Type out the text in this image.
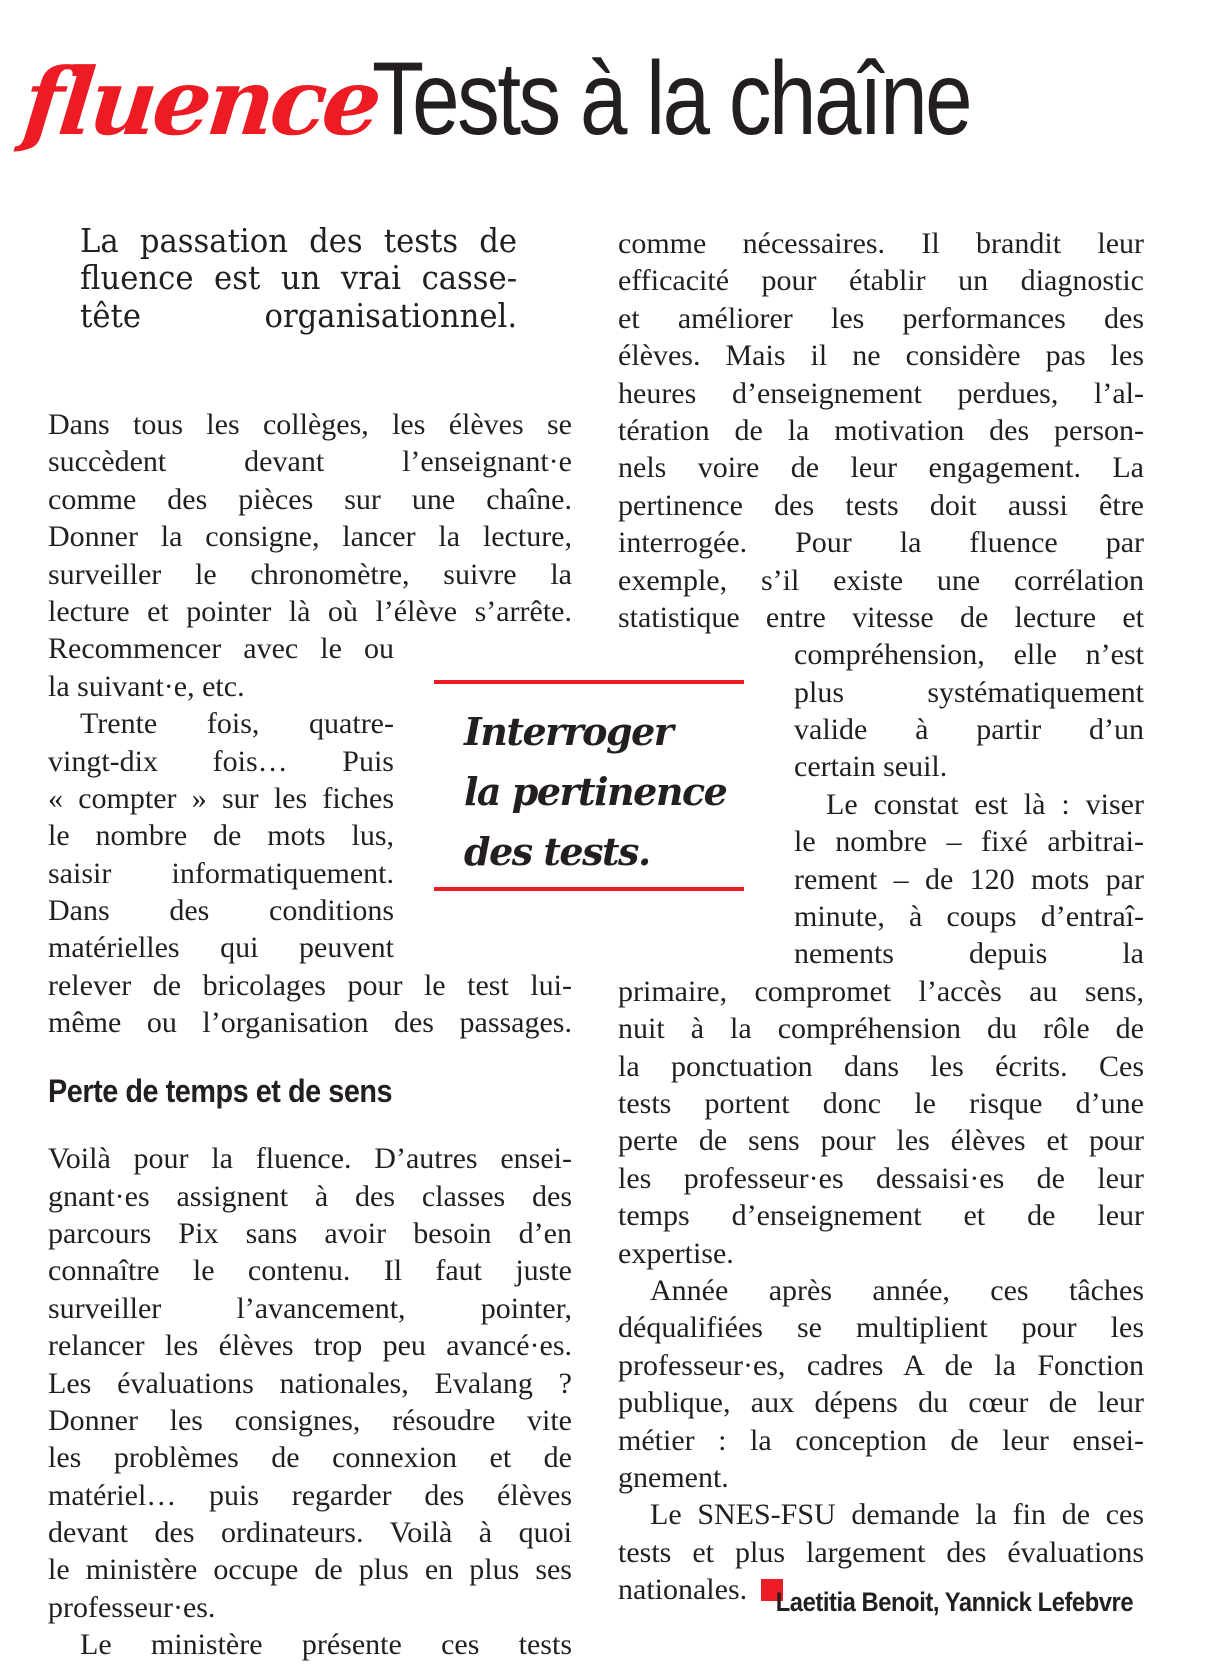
fluence
Tests à la chaîne
La passation des tests de
fluence est un vrai casse-
tête organisationnel.
Dans tous les collèges, les élèves se
succèdent devant l’enseignant·e
comme des pièces sur une chaîne.
Donner la consigne, lancer la lecture,
surveiller le chronomètre, suivre la
lecture et pointer là où l’élève s’arrête.
Recommencer avec le ou
la suivant·e, etc.
Trente fois, quatre-
vingt-dix fois… Puis
« compter » sur les fiches
le nombre de mots lus,
saisir informatiquement.
Dans des conditions
matérielles qui peuvent
relever de bricolages pour le test lui-
même ou l’organisation des passages.
Perte de temps et de sens
Voilà pour la fluence. D’autres ensei-
gnant·es assignent à des classes des
parcours Pix sans avoir besoin d’en
connaître le contenu. Il faut juste
surveiller l’avancement, pointer,
relancer les élèves trop peu avancé·es.
Les évaluations nationales, Evalang ?
Donner les consignes, résoudre vite
les problèmes de connexion et de
matériel… puis regarder des élèves
devant des ordinateurs. Voilà à quoi
le ministère occupe de plus en plus ses
professeur·es.
Le ministère présente ces tests
Interroger
la pertinence
des tests.
comme nécessaires. Il brandit leur
efficacité pour établir un diagnostic
et améliorer les performances des
élèves. Mais il ne considère pas les
heures d’enseignement perdues, l’al-
tération de la motivation des person-
nels voire de leur engagement. La
pertinence des tests doit aussi être
interrogée. Pour la fluence par
exemple, s’il existe une corrélation
statistique entre vitesse de lecture et
compréhension, elle n’est
plus systématiquement
valide à partir d’un
certain seuil.
Le constat est là : viser
le nombre – fixé arbitrai-
rement – de 120 mots par
minute, à coups d’entraî-
nements depuis la
primaire, compromet l’accès au sens,
nuit à la compréhension du rôle de
la ponctuation dans les écrits. Ces
tests portent donc le risque d’une
perte de sens pour les élèves et pour
les professeur·es dessaisi·es de leur
temps d’enseignement et de leur
expertise.
Année après année, ces tâches
déqualifiées se multiplient pour les
professeur·es, cadres A de la Fonction
publique, aux dépens du cœur de leur
métier : la conception de leur ensei-
gnement.
Le SNES-FSU demande la fin de ces
tests et plus largement des évaluations
nationales.	Laetitia Benoit, Yannick Lefebvre
